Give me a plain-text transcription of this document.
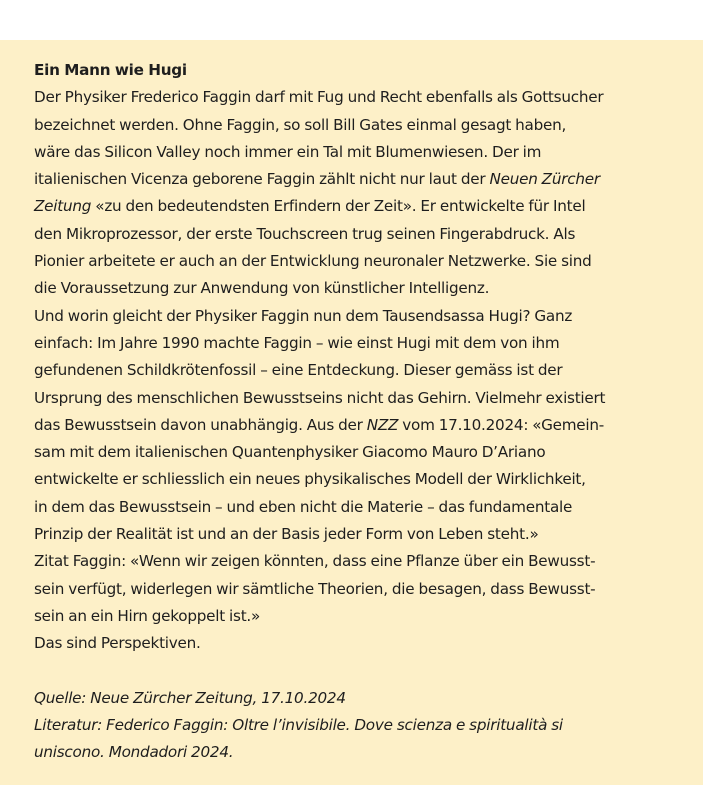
Ein Mann wie Hugi
Der Physiker Frederico Faggin darf mit Fug und Recht ebenfalls als Gottsucher
bezeichnet werden. Ohne Faggin, so soll Bill Gates einmal gesagt haben,
wäre das Silicon Valley noch immer ein Tal mit Blumenwiesen. Der im
italienischen Vicenza geborene Faggin zählt nicht nur laut der Neuen Zürcher
Zeitung «zu den bedeutendsten Erfindern der Zeit». Er entwickelte für Intel
den Mikroprozessor, der erste Touchscreen trug seinen Fingerabdruck. Als
Pionier arbeitete er auch an der Entwicklung neuronaler Netzwerke. Sie sind
die Voraussetzung zur Anwendung von künstlicher Intelligenz.
Und worin gleicht der Physiker Faggin nun dem Tausendsassa Hugi? Ganz
einfach: Im Jahre 1990 machte Faggin – wie einst Hugi mit dem von ihm
gefundenen Schildkrötenfossil – eine Entdeckung. Dieser gemäss ist der
Ursprung des menschlichen Bewusstseins nicht das Gehirn. Vielmehr existiert
das Bewusstsein davon unabhängig. Aus der NZZ vom 17.10.2024: «Gemein-
sam mit dem italienischen Quantenphysiker Giacomo Mauro D’Ariano
entwickelte er schliesslich ein neues physikalisches Modell der Wirklichkeit,
in dem das Bewusstsein – und eben nicht die Materie – das fundamentale
Prinzip der Realität ist und an der Basis jeder Form von Leben steht.»
Zitat Faggin: «Wenn wir zeigen könnten, dass eine Pflanze über ein Bewusst-
sein verfügt, widerlegen wir sämtliche Theorien, die besagen, dass Bewusst-
sein an ein Hirn gekoppelt ist.»
Das sind Perspektiven.
Quelle: Neue Zürcher Zeitung, 17.10.2024
Literatur: Federico Faggin: Oltre l’invisibile. Dove scienza e spiritualità si
uniscono. Mondadori 2024.
